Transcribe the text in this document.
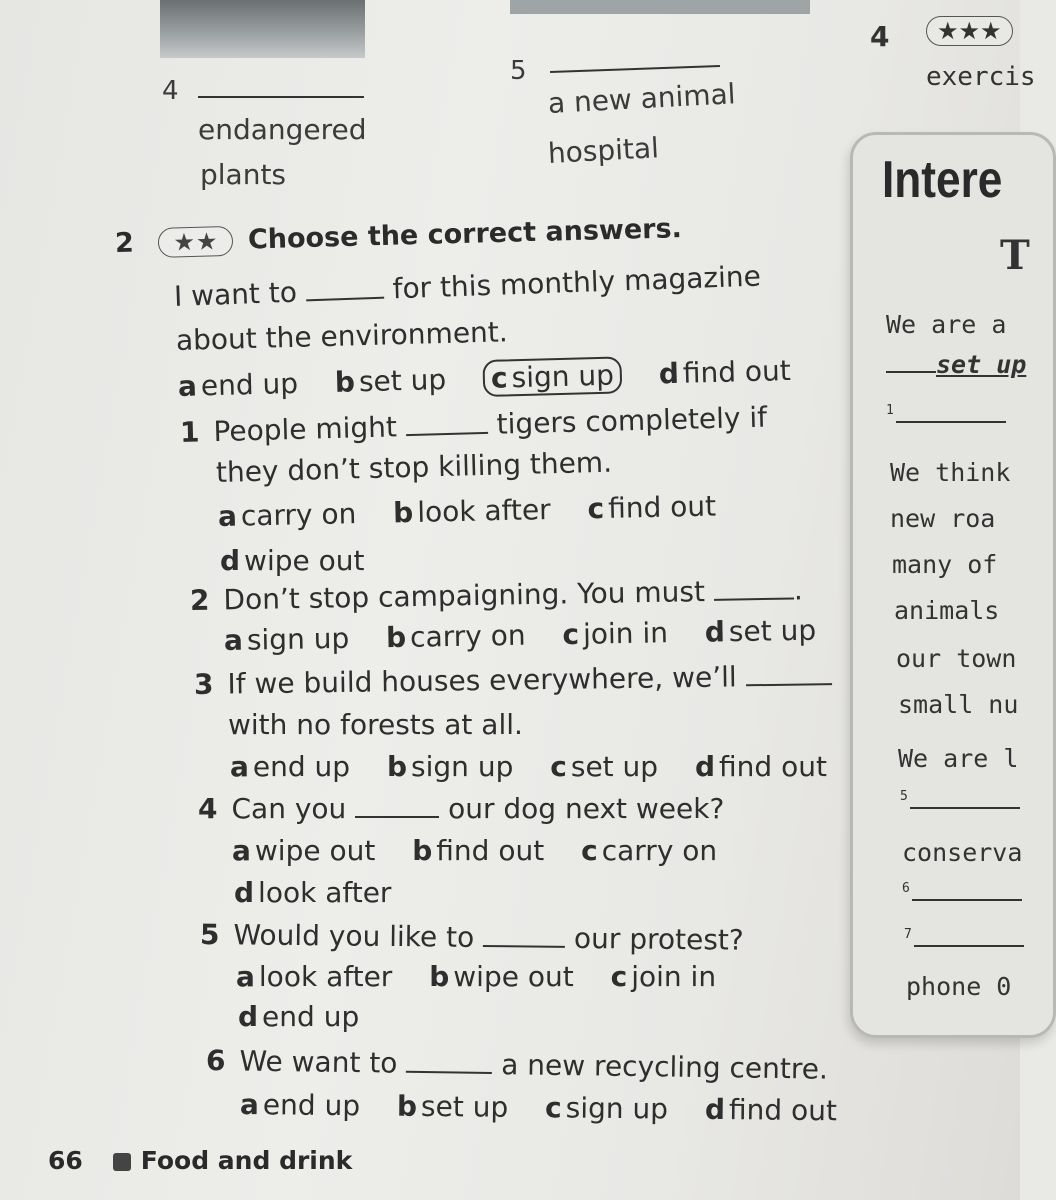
4
endangered
plants
5
a new animal
hospital
4	★★★
exercis
2 ★★ Choose the correct answers.
I want to	for this monthly magazine
about the environment.
a end up b set up c sign up d find out
1 People might	tigers completely if
they don’t stop killing them.
a carry on b look after c find out
d wipe out
2 Don’t stop campaigning. You must	.
a sign up b carry on c join in d set up
3 If we build houses everywhere, we’ll
with no forests at all.
a end up b sign up c set up d find out
4 Can you	our dog next week?
a wipe out b find out c carry on
d look after
5 Would you like to	our protest?
a look after b wipe out c join in
d end up
6 We want to	a new recycling centre.
a end up b set up c sign up d find out
66 Food and drink
Intere
T
We are a
set up
$^1$
We think
new roa
many of
animals
our town
small nu
We are l
$^5$
conserva
$^6$
$^7$
phone 0
